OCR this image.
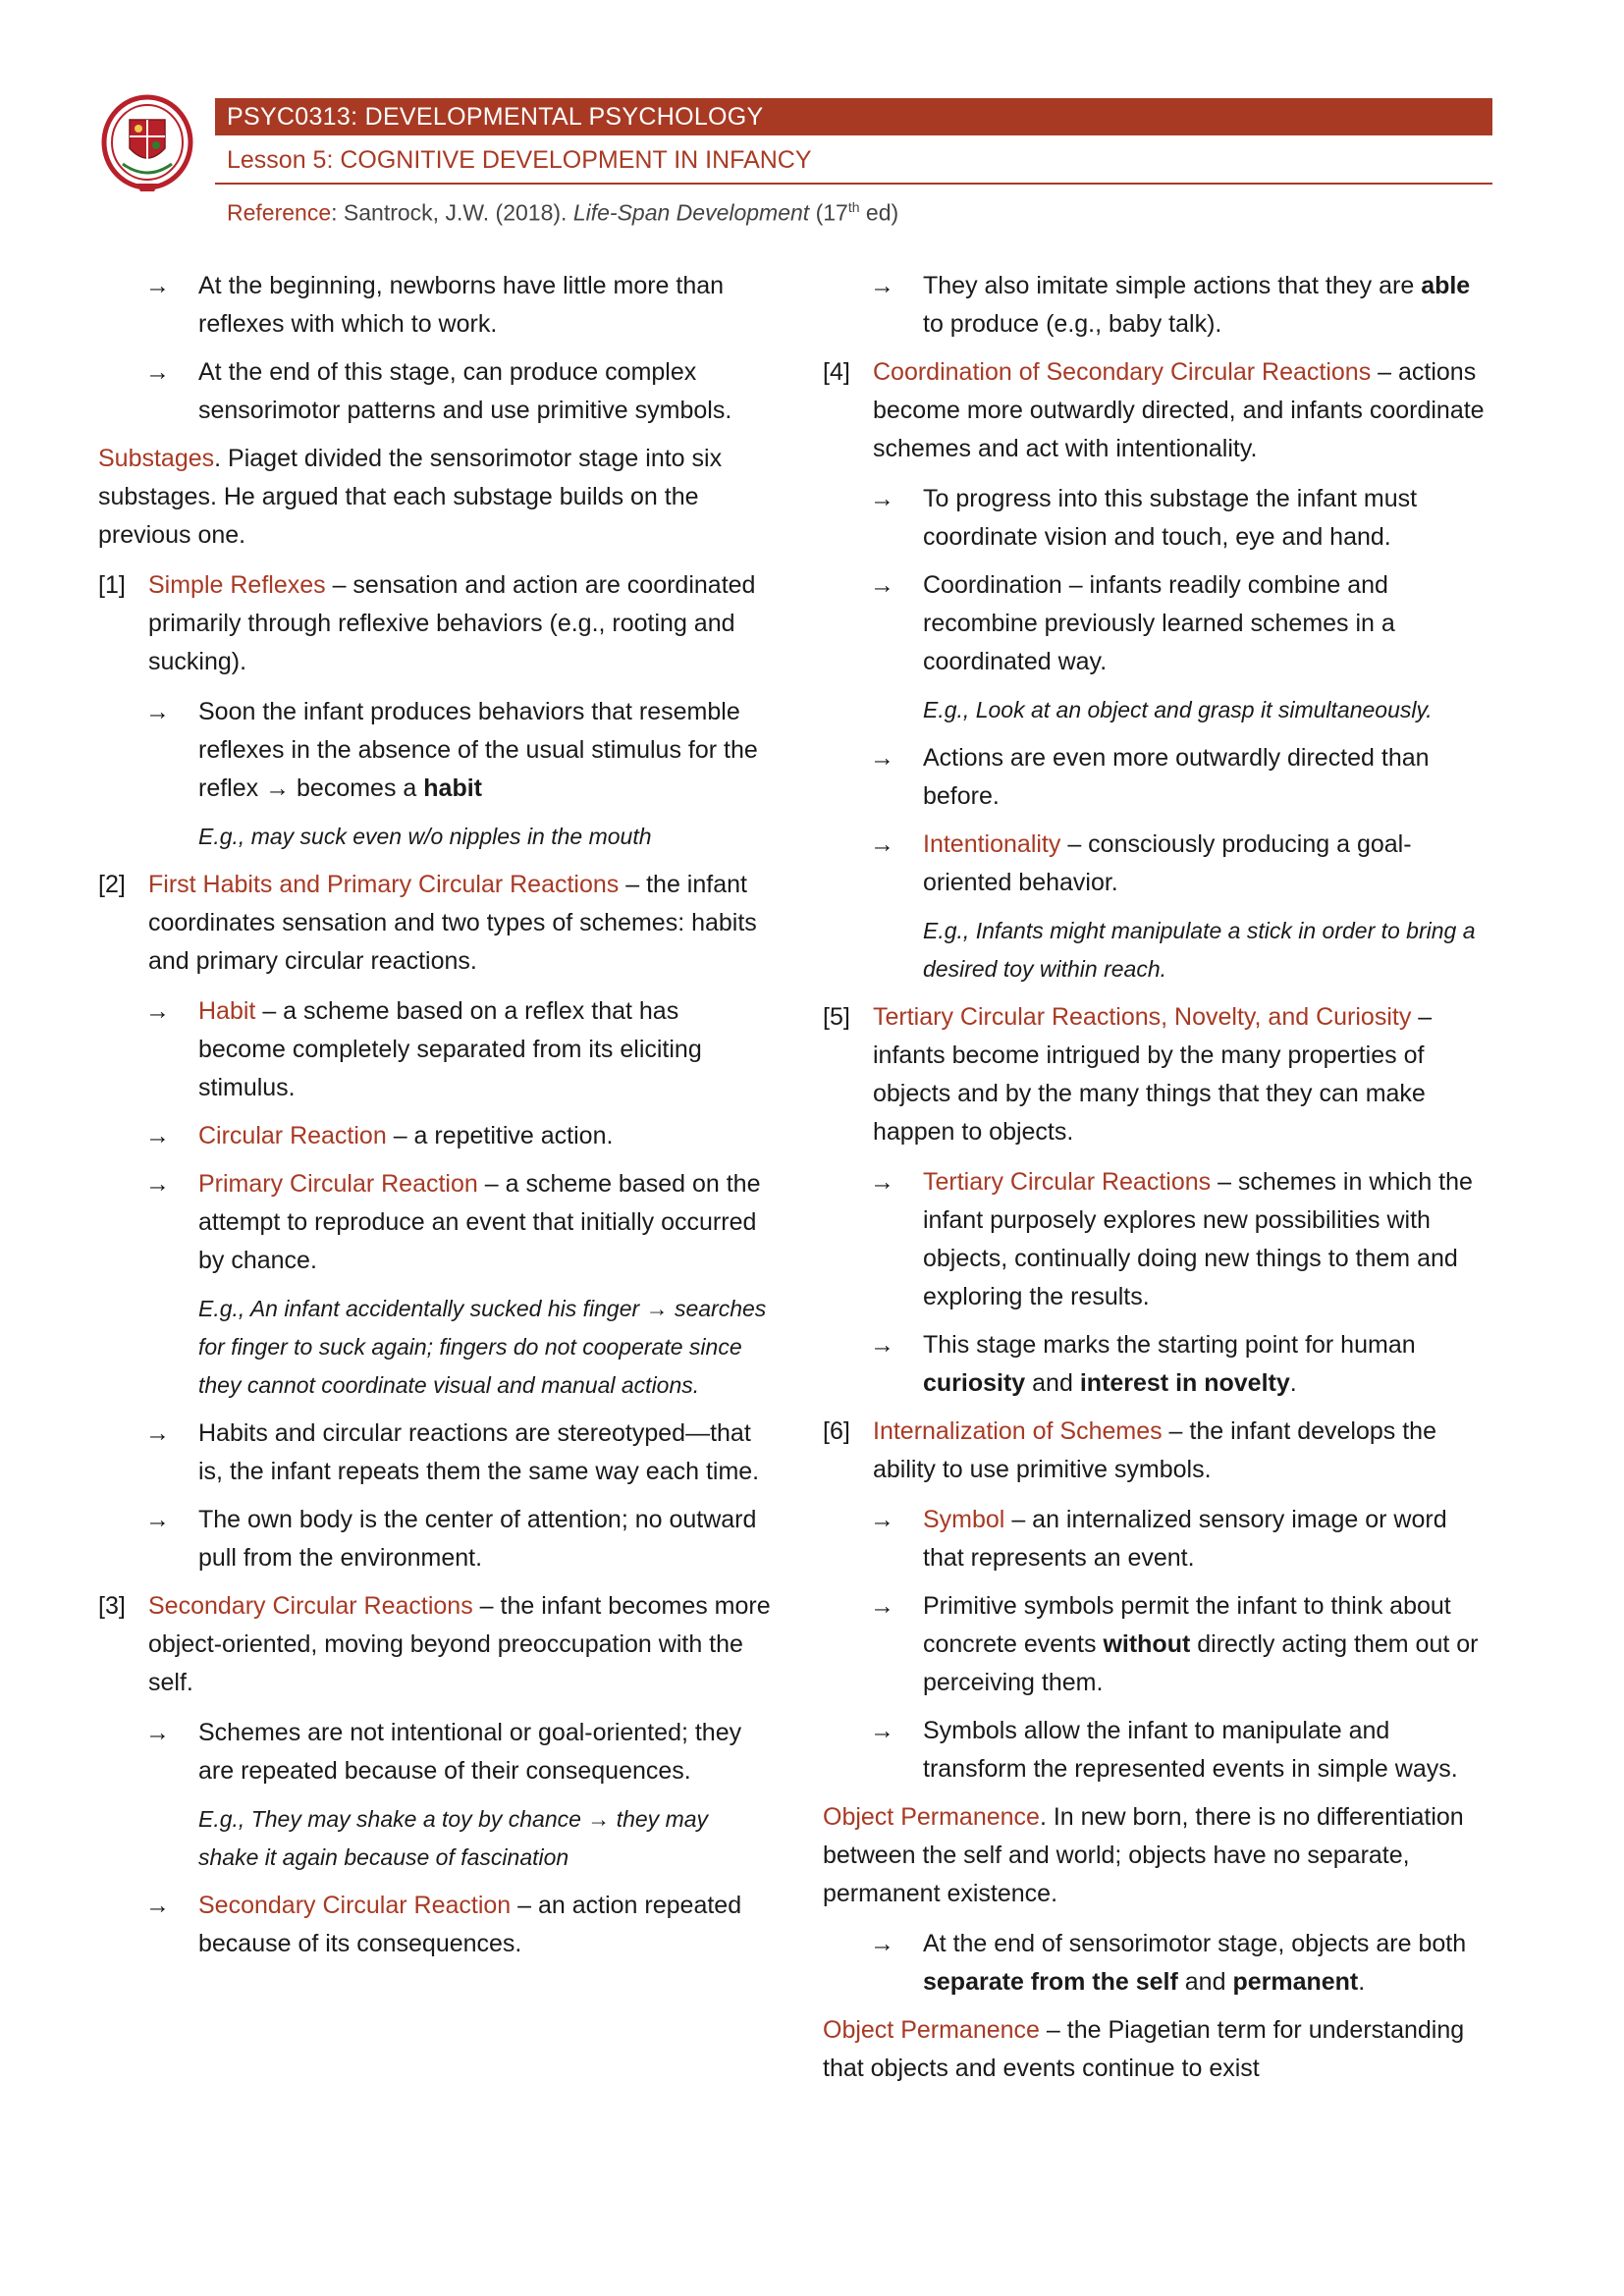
PSYC0313: DEVELOPMENTAL PSYCHOLOGY
Lesson 5: COGNITIVE DEVELOPMENT IN INFANCY
Reference: Santrock, J.W. (2018). Life-Span Development (17th ed)
→ At the beginning, newborns have little more than reflexes with which to work.
→ At the end of this stage, can produce complex sensorimotor patterns and use primitive symbols.

Substages. Piaget divided the sensorimotor stage into six substages. He argued that each substage builds on the previous one.

[1] Simple Reflexes – sensation and action are coordinated primarily through reflexive behaviors (e.g., rooting and sucking).
→ Soon the infant produces behaviors that resemble reflexes in the absence of the usual stimulus for the reflex → becomes a habit
E.g., may suck even w/o nipples in the mouth
[2] First Habits and Primary Circular Reactions – the infant coordinates sensation and two types of schemes: habits and primary circular reactions.
→ Habit – a scheme based on a reflex that has become completely separated from its eliciting stimulus.
→ Circular Reaction – a repetitive action.
→ Primary Circular Reaction – a scheme based on the attempt to reproduce an event that initially occurred by chance.
E.g., An infant accidentally sucked his finger → searches for finger to suck again; fingers do not cooperate since they cannot coordinate visual and manual actions.
→ Habits and circular reactions are stereotyped—that is, the infant repeats them the same way each time.
→ The own body is the center of attention; no outward pull from the environment.
[3] Secondary Circular Reactions – the infant becomes more object-oriented, moving beyond preoccupation with the self.
→ Schemes are not intentional or goal-oriented; they are repeated because of their consequences.
E.g., They may shake a toy by chance → they may shake it again because of fascination
→ Secondary Circular Reaction – an action repeated because of its consequences.
→ They also imitate simple actions that they are able to produce (e.g., baby talk).
[4] Coordination of Secondary Circular Reactions – actions become more outwardly directed, and infants coordinate schemes and act with intentionality.
→ To progress into this substage the infant must coordinate vision and touch, eye and hand.
→ Coordination – infants readily combine and recombine previously learned schemes in a coordinated way.
E.g., Look at an object and grasp it simultaneously.
→ Actions are even more outwardly directed than before.
→ Intentionality – consciously producing a goal-oriented behavior.
E.g., Infants might manipulate a stick in order to bring a desired toy within reach.
[5] Tertiary Circular Reactions, Novelty, and Curiosity – infants become intrigued by the many properties of objects and by the many things that they can make happen to objects.
→ Tertiary Circular Reactions – schemes in which the infant purposely explores new possibilities with objects, continually doing new things to them and exploring the results.
→ This stage marks the starting point for human curiosity and interest in novelty.
[6] Internalization of Schemes – the infant develops the ability to use primitive symbols.
→ Symbol – an internalized sensory image or word that represents an event.
→ Primitive symbols permit the infant to think about concrete events without directly acting them out or perceiving them.
→ Symbols allow the infant to manipulate and transform the represented events in simple ways.

Object Permanence. In new born, there is no differentiation between the self and world; objects have no separate, permanent existence.

→ At the end of sensorimotor stage, objects are both separate from the self and permanent.

Object Permanence – the Piagetian term for understanding that objects and events continue to exist
